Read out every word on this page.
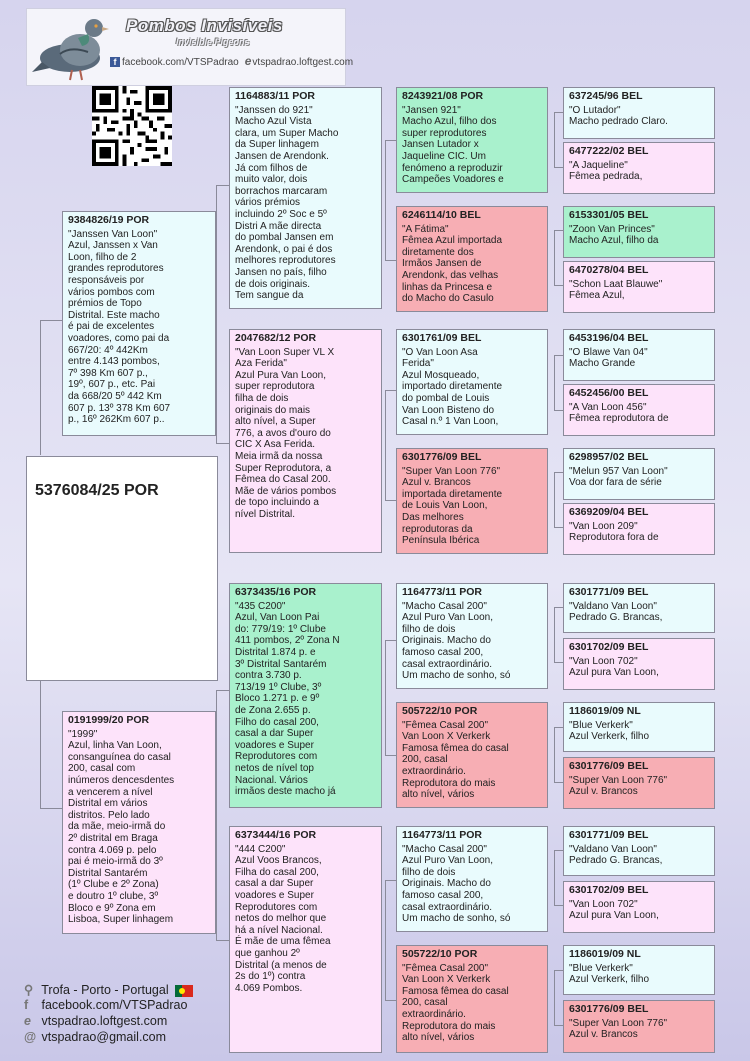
Pombos Invisíveis
Invisible Pigeons
f facebook.com/VTSPadrao evtspadrao.loftgest.com
5376084/25 POR
9384826/19 POR
"Janssen Van Loon"
Azul, Janssen x Van
Loon, filho de 2
grandes reprodutores
responsáveis por
vários pombos com
prémios de Topo
Distrital. Este macho
é pai de excelentes
voadores, como pai da
667/20: 4º 442Km
entre 4.143 pombos,
7º 398 Km 607 p.,
19º, 607 p., etc. Pai
da 668/20 5º 442 Km
607 p. 13º 378 Km 607
p., 16º 262Km 607 p..
0191999/20 POR
"1999"
Azul, linha Van Loon,
consanguínea do casal
200, casal com
inúmeros dencesdentes
a vencerem a nível
Distrital em vários
distritos. Pelo lado
da mãe, meio-irmã do
2º distrital em Braga
contra 4.069 p. pelo
pai é meio-irmã do 3º
Distrital Santarém
(1º Clube e 2º Zona)
e doutro 1º clube, 3º
Bloco e 9º Zona em
Lisboa, Super linhagem
1164883/11 POR
"Janssen do 921"
Macho Azul Vista
clara, um Super Macho
da Super linhagem
Jansen de Arendonk.
Já com filhos de
muito valor, dois
borrachos marcaram
vários prémios
incluindo 2º Soc e 5º
Distri A mãe directa
do pombal Jansen em
Arendonk, o pai é dos
melhores reprodutores
Jansen no país, filho
de dois originais.
Tem sangue da
2047682/12 POR
"Van Loon Super VL X
Aza Ferida"
Azul Pura Van Loon,
super reprodutora
filha de dois
originais do mais
alto nível, a Super
776, a avos d'ouro do
CIC X Asa Ferida.
Meia irmã da nossa
Super Reprodutora, a
Fêmea do Casal 200.
Mãe de vários pombos
de topo incluindo a
nível Distrital.
6373435/16 POR
"435 C200"
Azul, Van Loon Pai
do: 779/19: 1º Clube
411 pombos, 2º Zona N
Distrital 1.874 p. e
3º Distrital Santarém
contra 3.730 p.
713/19 1º Clube, 3º
Bloco 1.271 p. e 9º
de Zona 2.655 p.
Filho do casal 200,
casal a dar Super
voadores e Super
Reprodutores com
netos de nível top
Nacional. Vários
irmãos deste macho já
6373444/16 POR
"444 C200"
Azul Voos Brancos,
Filha do casal 200,
casal a dar Super
voadores e Super
Reprodutores com
netos do melhor que
há a nível Nacional.
É mãe de uma fêmea
que ganhou 2º
Distrital (a menos de
2s do 1º) contra
4.069 Pombos.
8243921/08 POR
"Jansen 921"
Macho Azul, filho dos
super reprodutores
Jansen Lutador x
Jaqueline CIC. Um
fenómeno a reproduzir
Campeões Voadores e
6246114/10 BEL
"A Fátima"
Fêmea Azul importada
diretamente dos
Irmãos Jansen de
Arendonk, das velhas
linhas da Princesa e
do Macho do Casulo
6301761/09 BEL
"O Van Loon Asa
Ferida"
Azul Mosqueado,
importado diretamente
do pombal de Louis
Van Loon Bisteno do
Casal n.º 1 Van Loon,
6301776/09 BEL
"Super Van Loon 776"
Azul v. Brancos
importada diretamente
de Louis Van Loon,
Das melhores
reprodutoras da
Península Ibérica
1164773/11 POR
"Macho Casal 200"
Azul Puro Van Loon,
filho de dois
Originais. Macho do
famoso casal 200,
casal extraordinário.
Um macho de sonho, só
505722/10 POR
"Fêmea Casal 200"
Van Loon X Verkerk
Famosa fêmea do casal
200, casal
extraordinário.
Reprodutora do mais
alto nível, vários
1164773/11 POR
"Macho Casal 200"
Azul Puro Van Loon,
filho de dois
Originais. Macho do
famoso casal 200,
casal extraordinário.
Um macho de sonho, só
505722/10 POR
"Fêmea Casal 200"
Van Loon X Verkerk
Famosa fêmea do casal
200, casal
extraordinário.
Reprodutora do mais
alto nível, vários
637245/96 BEL
"O Lutador"
Macho pedrado Claro.
6477222/02 BEL
"A Jaqueline"
Fêmea pedrada,
6153301/05 BEL
"Zoon Van Princes"
Macho Azul, filho da
6470278/04 BEL
"Schon Laat Blauwe"
Fêmea Azul,
6453196/04 BEL
"O Blawe Van 04"
Macho Grande
6452456/00 BEL
"A Van Loon 456"
Fêmea reprodutora de
6298957/02 BEL
"Melun 957 Van Loon"
Voa dor fara de série
6369209/04 BEL
"Van Loon 209"
Reprodutora fora de
6301771/09 BEL
"Valdano Van Loon"
Pedrado G. Brancas,
6301702/09 BEL
"Van Loon 702"
Azul pura Van Loon,
1186019/09 NL
"Blue Verkerk"
Azul Verkerk, filho
6301776/09 BEL
"Super Van Loon 776"
Azul v. Brancos
6301771/09 BEL
"Valdano Van Loon"
Pedrado G. Brancas,
6301702/09 BEL
"Van Loon 702"
Azul pura Van Loon,
1186019/09 NL
"Blue Verkerk"
Azul Verkerk, filho
6301776/09 BEL
"Super Van Loon 776"
Azul v. Brancos
⚲ Trofa - Porto - Portugal
f facebook.com/VTSPadrao
e vtspadrao.loftgest.com
@ vtspadrao@gmail.com
